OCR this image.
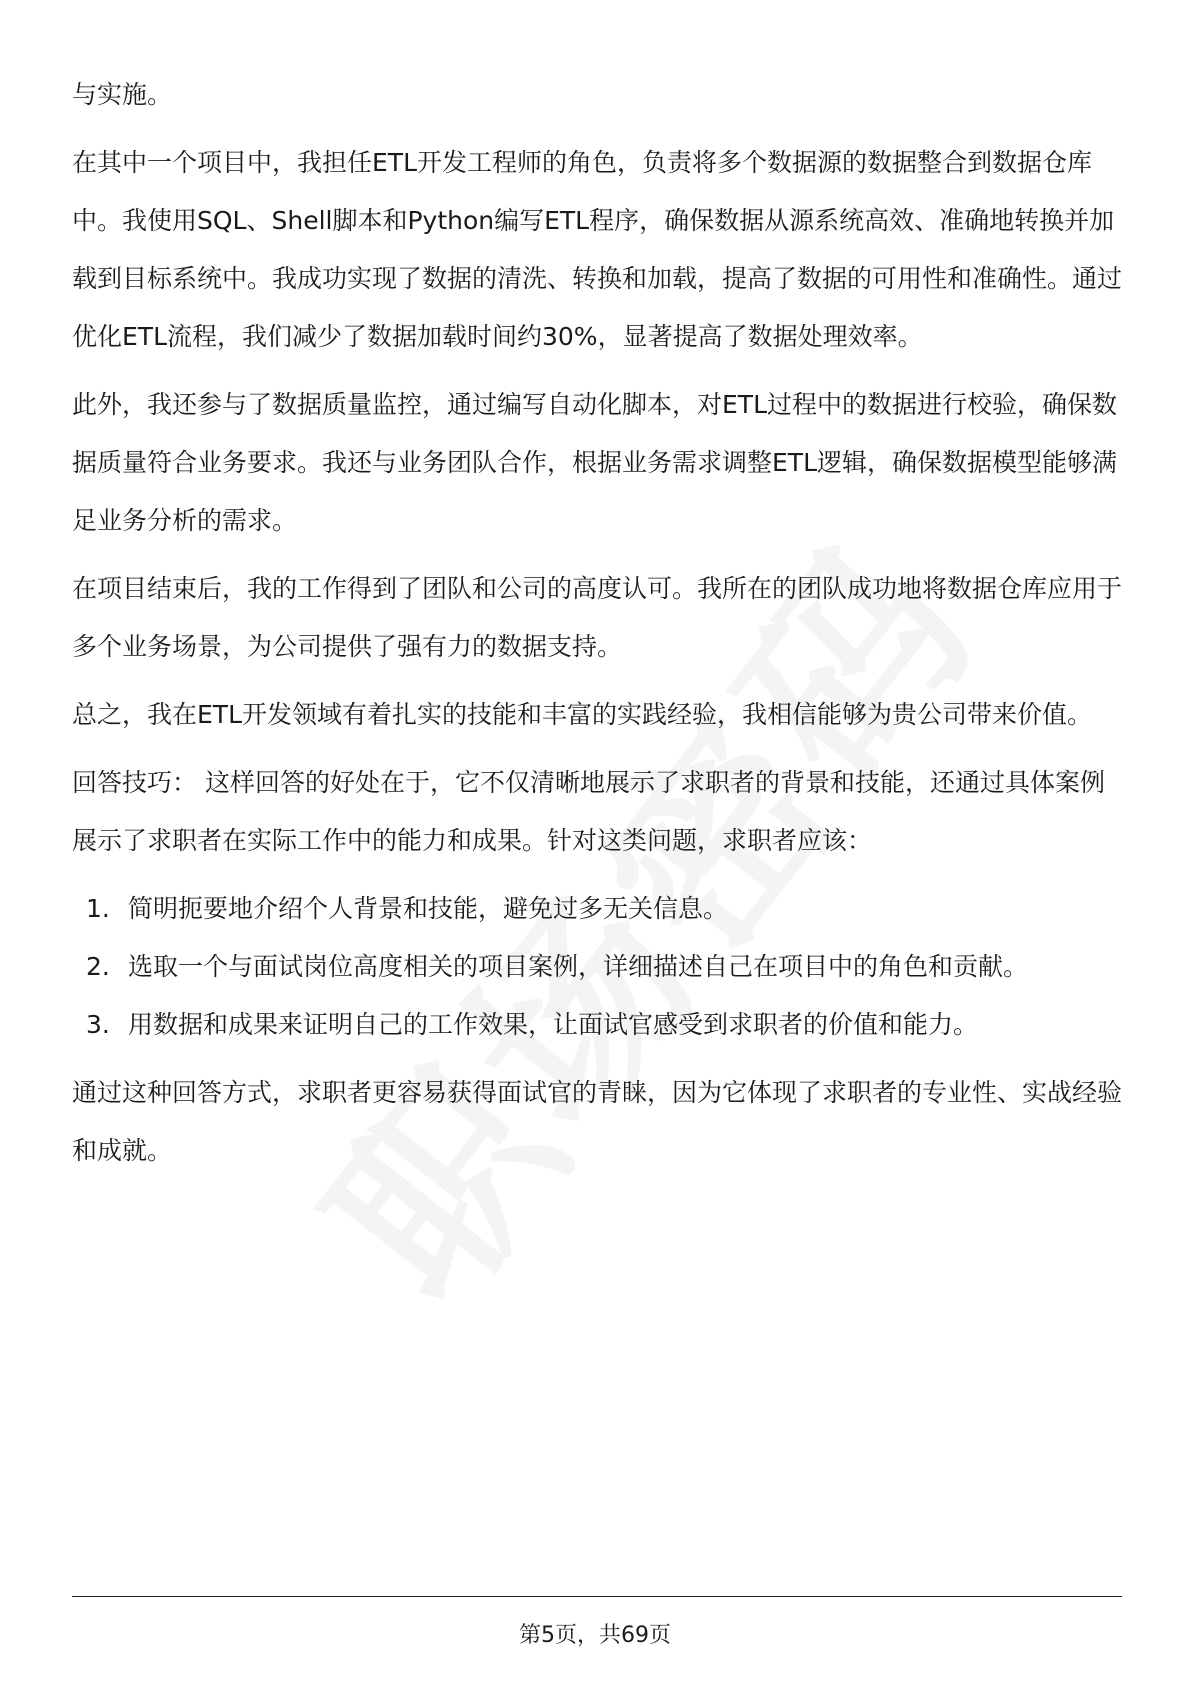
与实施。

在其中一个项目中，我担任ETL开发工程师的角色，负责将多个数据源的数据整合到数据仓库中。我使用SQL、Shell脚本和Python编写ETL程序，确保数据从源系统高效、准确地转换并加载到目标系统中。我成功实现了数据的清洗、转换和加载，提高了数据的可用性和准确性。通过优化ETL流程，我们减少了数据加载时间约30%，显著提高了数据处理效率。

此外，我还参与了数据质量监控，通过编写自动化脚本，对ETL过程中的数据进行校验，确保数据质量符合业务要求。我还与业务团队合作，根据业务需求调整ETL逻辑，确保数据模型能够满足业务分析的需求。

在项目结束后，我的工作得到了团队和公司的高度认可。我所在的团队成功地将数据仓库应用于多个业务场景，为公司提供了强有力的数据支持。

总之，我在ETL开发领域有着扎实的技能和丰富的实践经验，我相信能够为贵公司带来价值。

回答技巧： 这样回答的好处在于，它不仅清晰地展示了求职者的背景和技能，还通过具体案例展示了求职者在实际工作中的能力和成果。针对这类问题，求职者应该：

1. 简明扼要地介绍个人背景和技能，避免过多无关信息。
2. 选取一个与面试岗位高度相关的项目案例，详细描述自己在项目中的角色和贡献。
3. 用数据和成果来证明自己的工作效果，让面试官感受到求职者的价值和能力。

通过这种回答方式，求职者更容易获得面试官的青睐，因为它体现了求职者的专业性、实战经验和成就。

第5页，共69页
